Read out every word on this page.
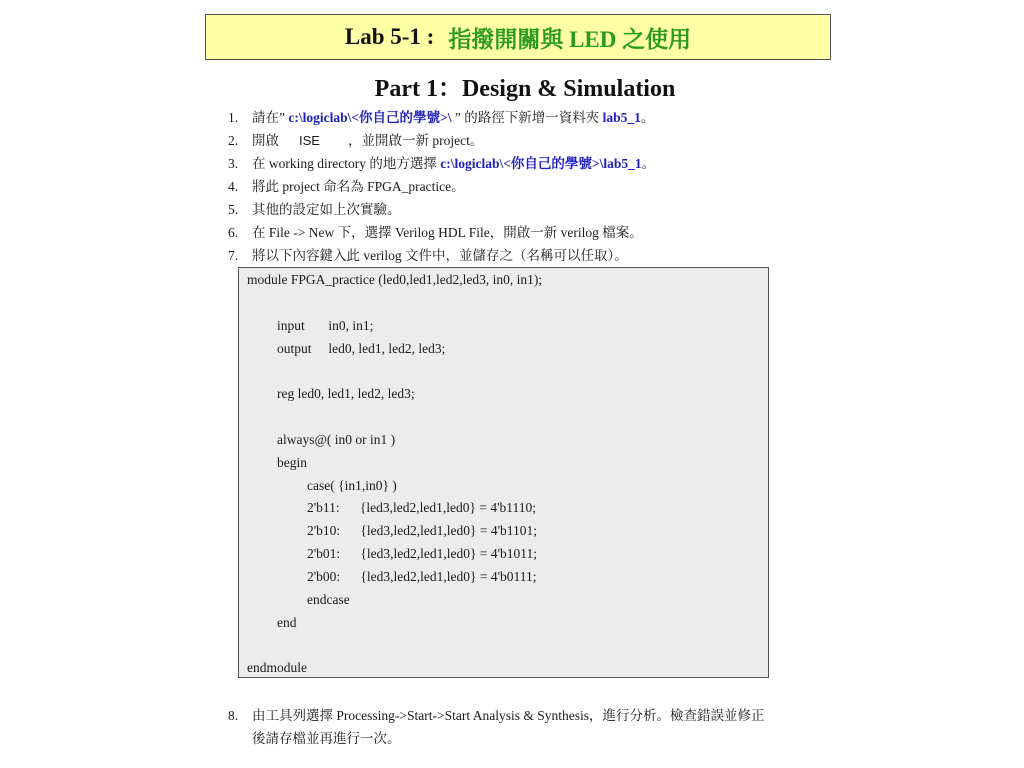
Lab 5-1 : 指撥開關與 LED 之使用
Part 1：Design & Simulation
1.	請在” c:\logiclab\<你自己的學號>\ ” 的路徑下新增一資料夾 lab5_1。
2.	開啟 ISE ，並開啟一新 project。
3.	在 working directory 的地方選擇 c:\logiclab\<你自己的學號>\lab5_1。
4.	將此 project 命名為 FPGA_practice。
5.	其他的設定如上次實驗。
6.	在 File -> New 下，選擇 Verilog HDL File，開啟一新 verilog 檔案。
7.	將以下內容鍵入此 verilog 文件中，並儲存之（名稱可以任取）。
module FPGA_practice (led0,led1,led2,led3, in0, in1);
input       in0, in1;
output     led0, led1, led2, led3;
reg led0, led1, led2, led3;
always@( in0 or in1 )
begin
case( {in1,in0} )
2'b11:      {led3,led2,led1,led0} = 4'b1110;
2'b10:      {led3,led2,led1,led0} = 4'b1101;
2'b01:      {led3,led2,led1,led0} = 4'b1011;
2'b00:      {led3,led2,led1,led0} = 4'b0111;
endcase
end
endmodule
8. 由工具列選擇 Processing->Start->Start Analysis & Synthesis，進行分析。檢查錯誤並修正
後請存檔並再進行一次。
